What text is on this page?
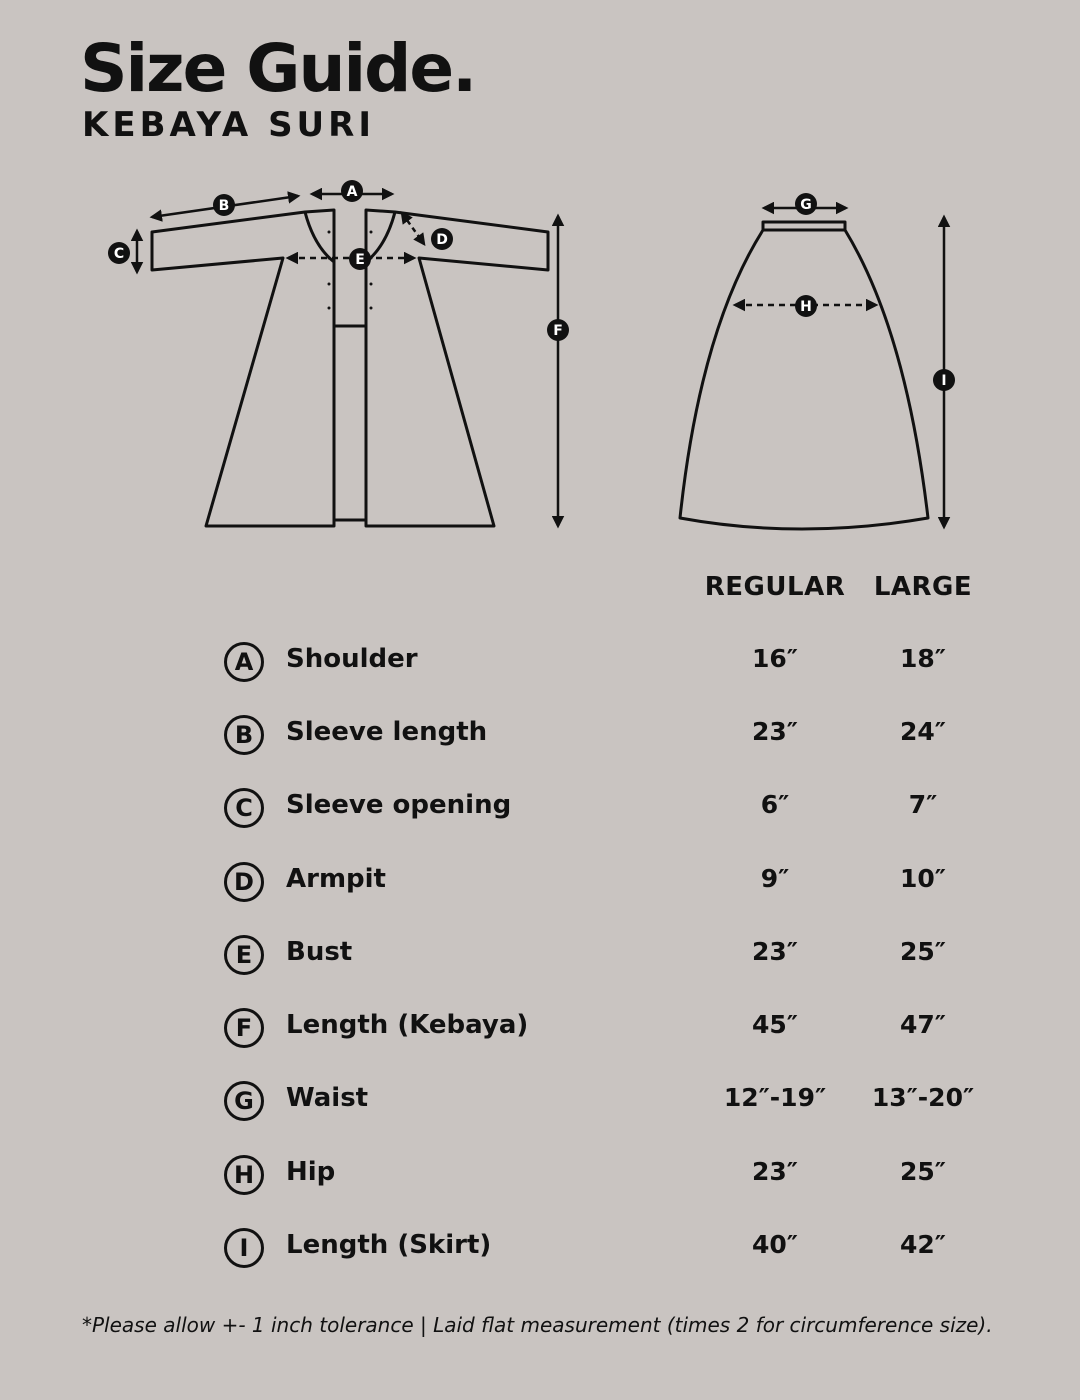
Size Guide.
KEBAYA SURI
A
B
C
D
E
F
G
H
I
REGULAR	LARGE
A	Shoulder	16″	18″
B	Sleeve length	23″	24″
C	Sleeve opening	6″	7″
D	Armpit	9″	10″
E	Bust	23″	25″
F	Length (Kebaya)	45″	47″
G	Waist	12″-19″	13″-20″
H	Hip	23″	25″
I	Length (Skirt)	40″	42″
*Please allow +- 1 inch tolerance | Laid flat measurement (times 2 for circumference size).
